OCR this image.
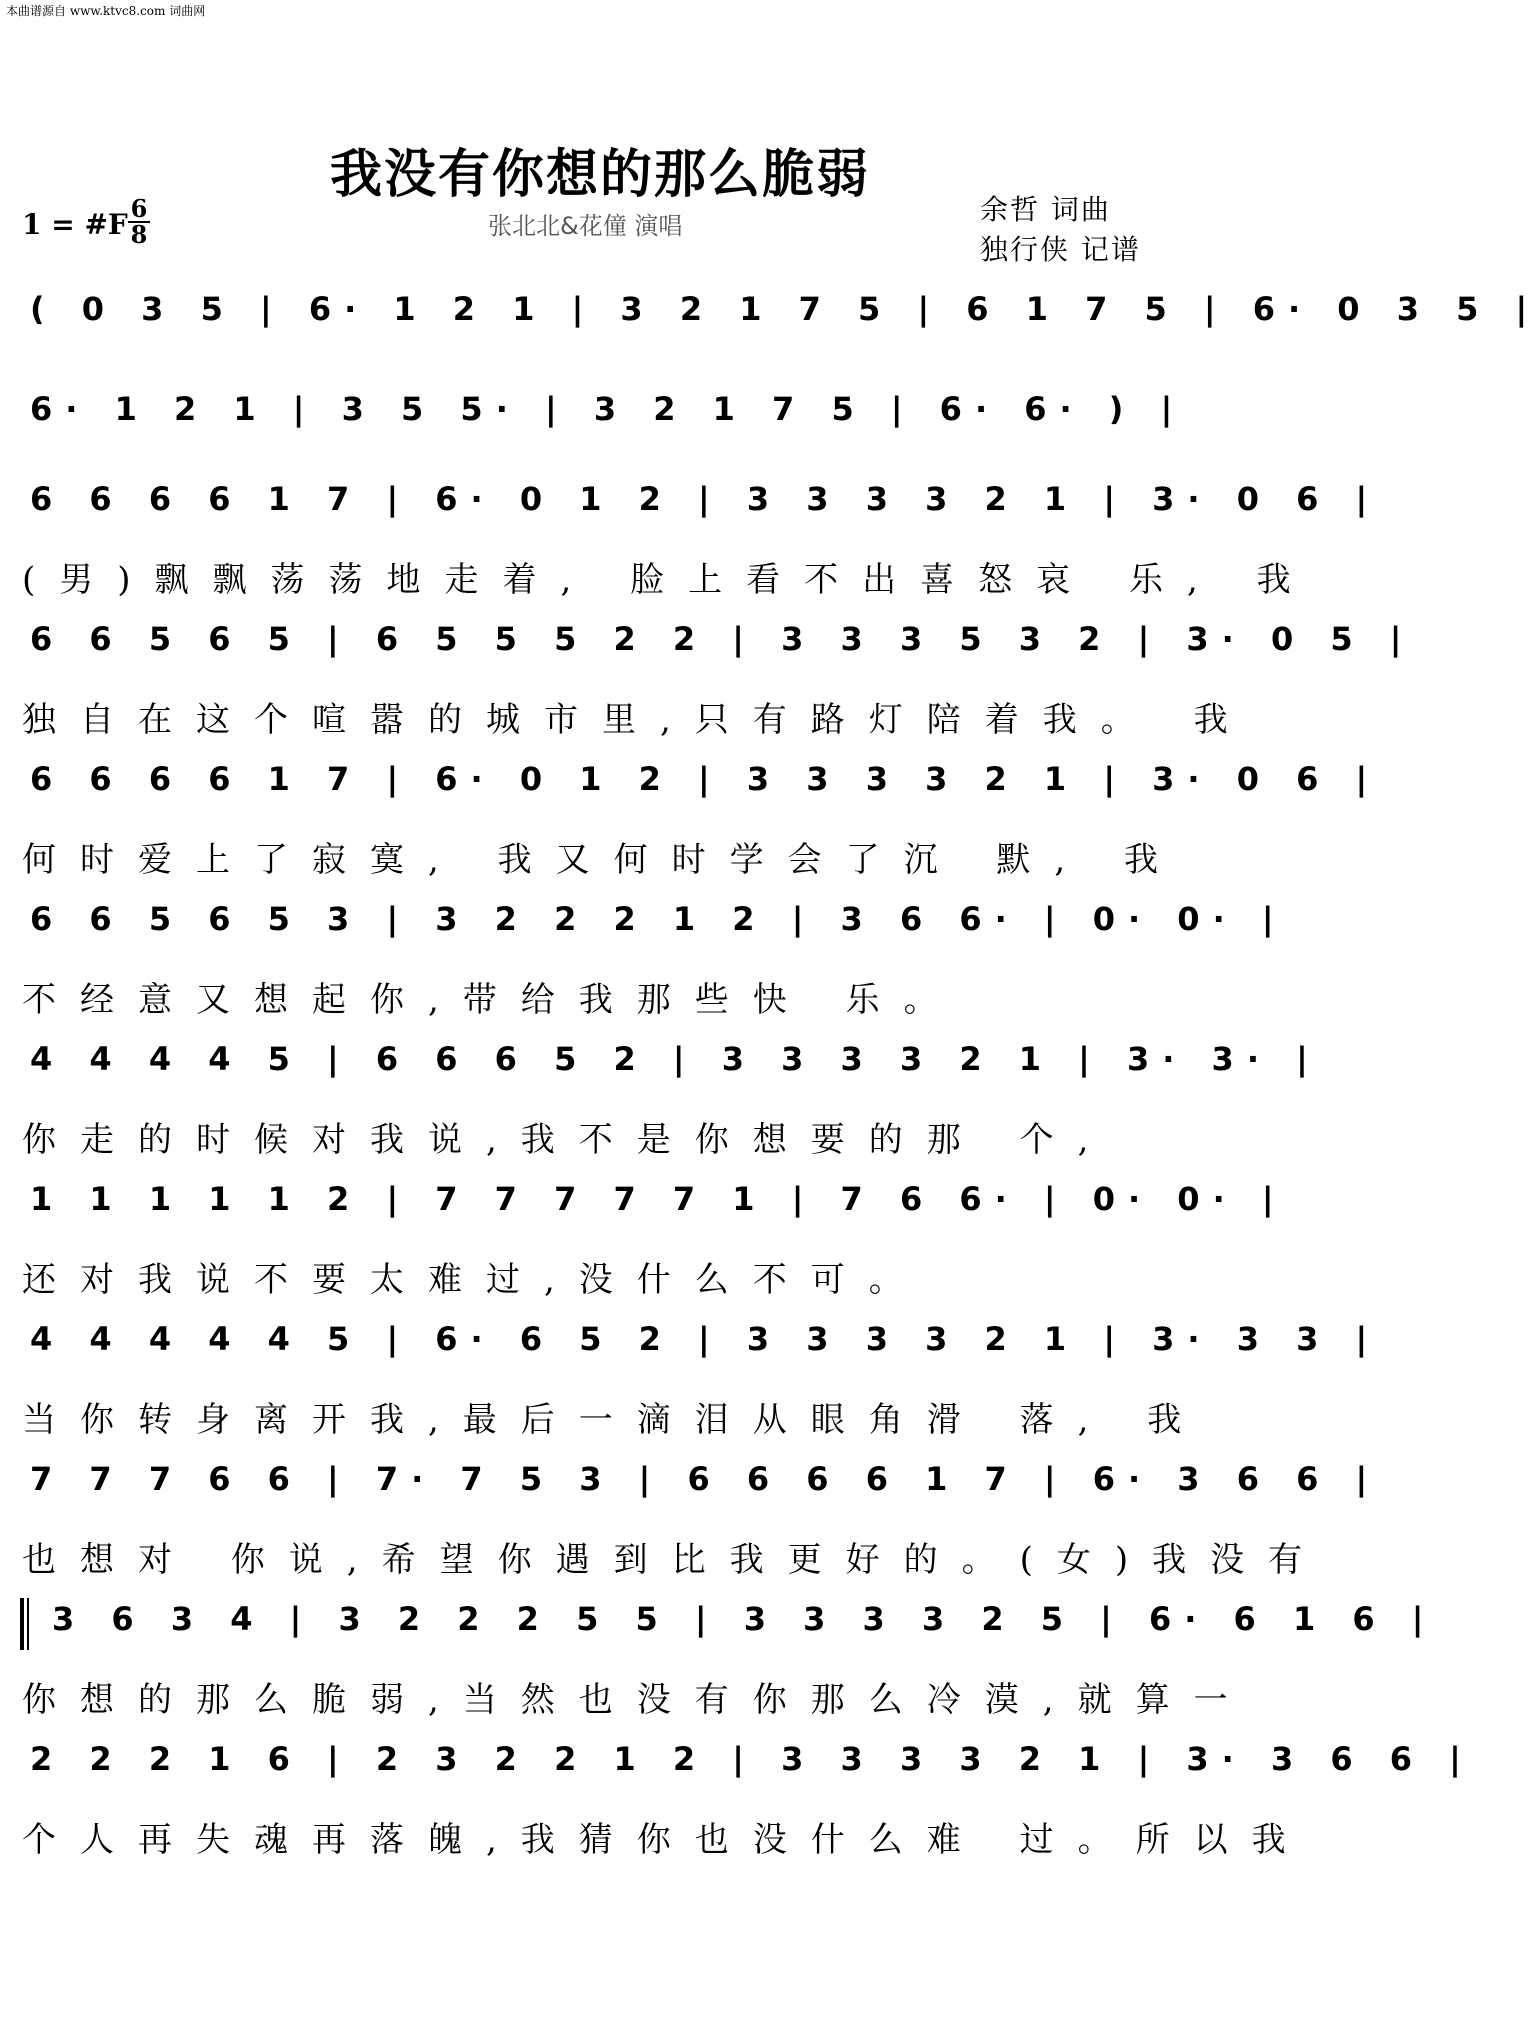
本曲谱源自 www.ktvc8.com 词曲网
我没有你想的那么脆弱
1 = #F 6
8	张北北&花僮 演唱	余哲 词曲
独行侠 记谱
( 0 3 5 | 6· 1 2 1 | 3 2 1 7 5 | 6 1 7 5 | 6· 0 3 5 |
6· 1 2 1 | 3 5 5· | 3 2 1 7 5 | 6· 6· ) |
6 6 6 6 1 7 | 6· 0 1 2 | 3 3 3 3 2 1 | 3· 0 6 |
(男)飘飘荡荡地走着, 脸上看不出喜怒哀 乐, 我
6 6 5 6 5 | 6 5 5 5 2 2 | 3 3 3 5 3 2 | 3· 0 5 |
独自在这个喧嚣的城市里,只有路灯陪着我。 我
6 6 6 6 1 7 | 6· 0 1 2 | 3 3 3 3 2 1 | 3· 0 6 |
何时爱上了寂寞, 我又何时学会了沉 默, 我
6 6 5 6 5 3 | 3 2 2 2 1 2 | 3 6 6· | 0· 0· |
不经意又想起你,带给我那些快 乐。
4 4 4 4 5 | 6 6 6 5 2 | 3 3 3 3 2 1 | 3· 3· |
你走的时候对我说,我不是你想要的那 个,
1 1 1 1 1 2 | 7 7 7 7 7 1 | 7 6 6· | 0· 0· |
还对我说不要太难过,没什么不可。
4 4 4 4 4 5 | 6· 6 5 2 | 3 3 3 3 2 1 | 3· 3 3 |
当你转身离开我,最后一滴泪从眼角滑 落, 我
7 7 7 6 6 | 7· 7 5 3 | 6 6 6 6 1 7 | 6· 3 6 6 |
也想对 你说,希望你遇到比我更好的。(女)我没有
3 6 3 4 | 3 2 2 2 5 5 | 3 3 3 3 2 5 | 6· 6 1 6 |
你想的那么脆弱,当然也没有你那么冷漠,就算一
2 2 2 1 6 | 2 3 2 2 1 2 | 3 3 3 3 2 1 | 3· 3 6 6 |
个人再失魂再落魄,我猜你也没什么难 过。所以我
